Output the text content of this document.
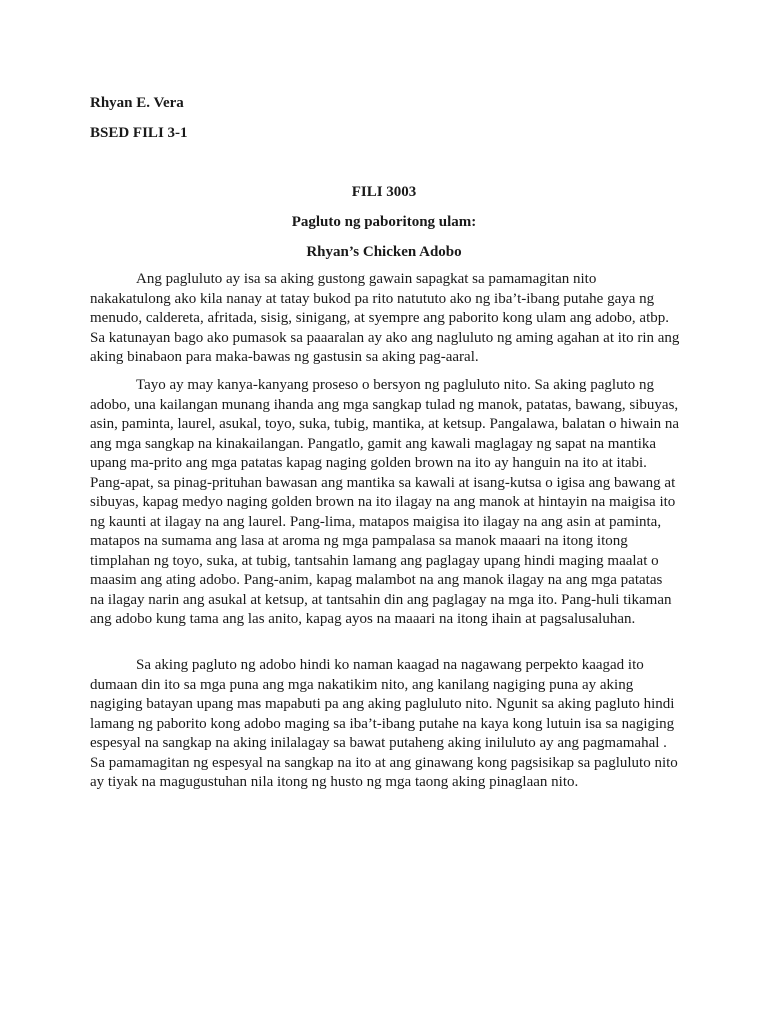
Rhyan E. Vera
BSED FILI 3-1
FILI 3003
Pagluto ng paboritong ulam:
Rhyan’s Chicken Adobo

Ang pagluluto ay isa sa aking gustong gawain sapagkat sa pamamagitan nito nakakatulong ako kila nanay at tatay bukod pa rito natututo ako ng iba’t-ibang putahe gaya ng menudo, caldereta, afritada, sisig, sinigang, at syempre ang paborito kong ulam ang adobo, atbp. Sa katunayan bago ako pumasok sa paaaralan ay ako ang nagluluto ng aming agahan at ito rin ang aking binabaon para maka-bawas ng gastusin sa aking pag-aaral.

Tayo ay may kanya-kanyang proseso o bersyon ng pagluluto nito. Sa aking pagluto ng adobo, una kailangan munang ihanda ang mga sangkap tulad ng manok, patatas, bawang, sibuyas, asin, paminta, laurel, asukal, toyo, suka, tubig, mantika, at ketsup. Pangalawa, balatan o hiwain na ang mga sangkap na kinakailangan. Pangatlo, gamit ang kawali maglagay ng sapat na mantika upang ma-prito ang mga patatas kapag naging golden brown na ito ay hanguin na ito at itabi. Pang-apat, sa pinag-prituhan bawasan ang mantika sa kawali at isang-kutsa o igisa ang bawang at sibuyas, kapag medyo naging golden brown na ito ilagay na ang manok at hintayin na maigisa ito ng kaunti at ilagay na ang laurel. Pang-lima, matapos maigisa ito ilagay na ang asin at paminta, matapos na sumama ang lasa at aroma ng mga pampalasa sa manok maaari na itong itong timplahan ng toyo, suka, at tubig, tantsahin lamang ang paglagay upang hindi maging maalat o maasim ang ating adobo. Pang-anim, kapag malambot na ang manok ilagay na ang mga patatas na ilagay narin ang asukal at ketsup, at tantsahin din ang paglagay na mga ito. Pang-huli tikaman ang adobo kung tama ang las anito, kapag ayos na maaari na itong ihain at pagsalusaluhan.

Sa aking pagluto ng adobo hindi ko naman kaagad na nagawang perpekto kaagad ito dumaan din ito sa mga puna ang mga nakatikim nito, ang kanilang nagiging puna ay aking nagiging batayan upang mas mapabuti pa ang aking pagluluto nito. Ngunit sa aking pagluto hindi lamang ng paborito kong adobo maging sa iba’t-ibang putahe na kaya kong lutuin isa sa nagiging espesyal na sangkap na aking inilalagay sa bawat putaheng aking iniluluto ay ang pagmamahal . Sa pamamagitan ng espesyal na sangkap na ito at ang ginawang kong pagsisikap sa pagluluto nito ay tiyak na magugustuhan nila itong ng husto ng mga taong aking pinaglaan nito.
